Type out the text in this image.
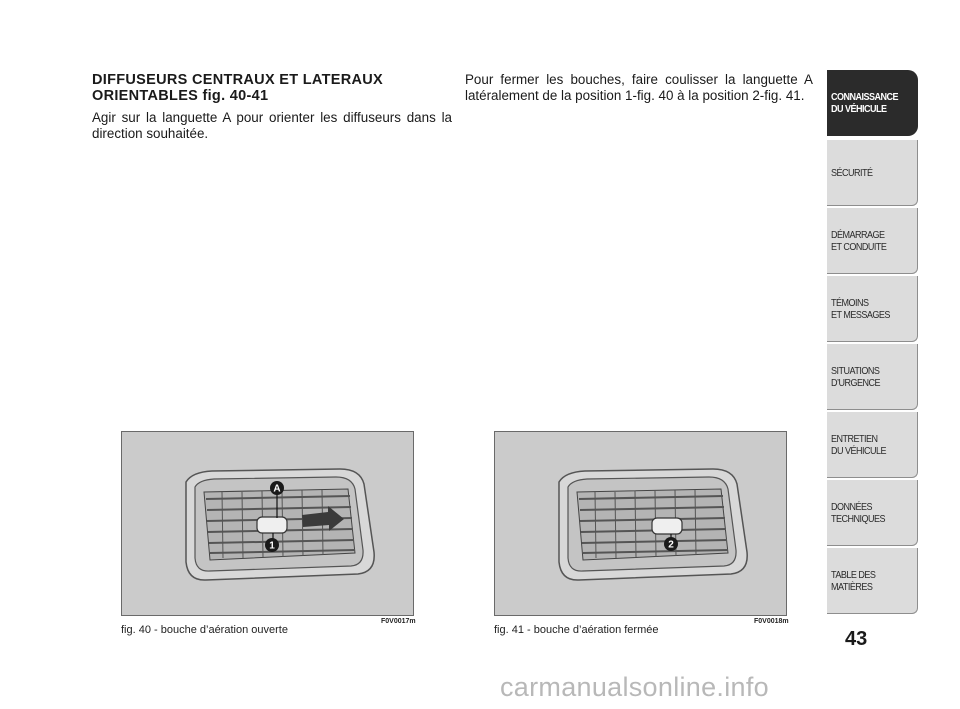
DIFFUSEURS CENTRAUX ET LATERAUX ORIENTABLES fig. 40-41
Agir sur la languette A pour orienter les diffuseurs dans la direction souhaitée.
Pour fermer les bouches, faire coulisser la languette A latéralement de la position 1-fig. 40 à la position 2-fig. 41.
A
1
fig. 40 - bouche d’aération ouverte
F0V0017m
2
fig. 41 - bouche d’aération fermée
F0V0018m
CONNAISSANCE
DU VÉHICULE
SÉCURITÉ
DÉMARRAGE
ET CONDUITE
TÉMOINS
ET MESSAGES
SITUATIONS
D’URGENCE
ENTRETIEN
DU VÉHICULE
DONNÉES
TECHNIQUES
TABLE DES
MATIÈRES
43
carmanualsonline.info
